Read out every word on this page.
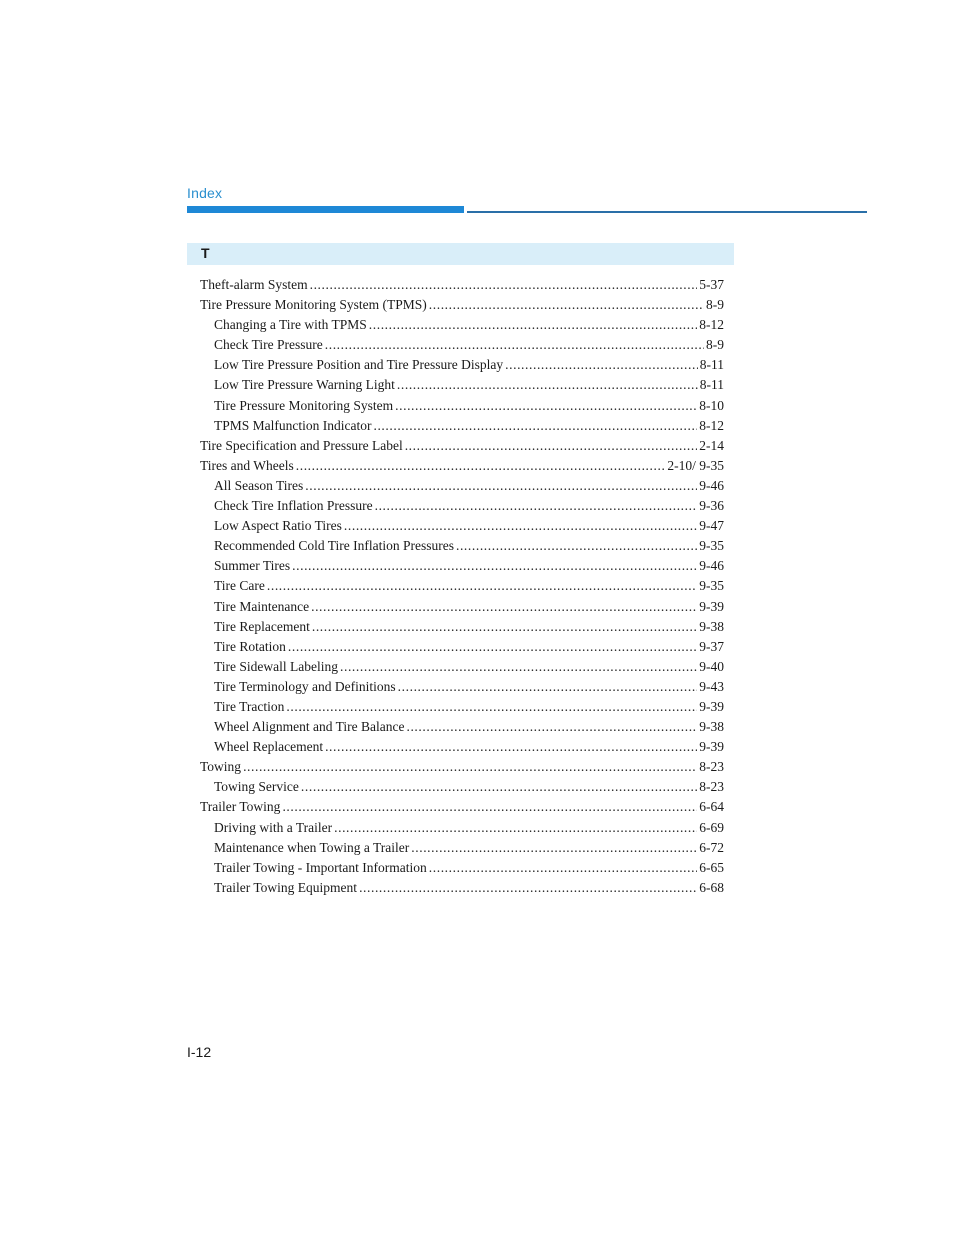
Index
T
Theft-alarm System .....	5-37
Tire Pressure Monitoring System (TPMS) .....	8-9
Changing a Tire with TPMS .....	8-12
Check Tire Pressure .....	8-9
Low Tire Pressure Position and Tire Pressure Display .....	8-11
Low Tire Pressure Warning Light .....	8-11
Tire Pressure Monitoring System .....	8-10
TPMS Malfunction Indicator .....	8-12
Tire Specification and Pressure Label .....	2-14
Tires and Wheels .....	2-10/ 9-35
All Season Tires .....	9-46
Check Tire Inflation Pressure .....	9-36
Low Aspect Ratio Tires .....	9-47
Recommended Cold Tire Inflation Pressures .....	9-35
Summer Tires .....	9-46
Tire Care .....	9-35
Tire Maintenance .....	9-39
Tire Replacement .....	9-38
Tire Rotation .....	9-37
Tire Sidewall Labeling .....	9-40
Tire Terminology and Definitions .....	9-43
Tire Traction .....	9-39
Wheel Alignment and Tire Balance .....	9-38
Wheel Replacement .....	9-39
Towing .....	8-23
Towing Service .....	8-23
Trailer Towing .....	6-64
Driving with a Trailer .....	6-69
Maintenance when Towing a Trailer .....	6-72
Trailer Towing - Important Information .....	6-65
Trailer Towing Equipment .....	6-68
I-12
